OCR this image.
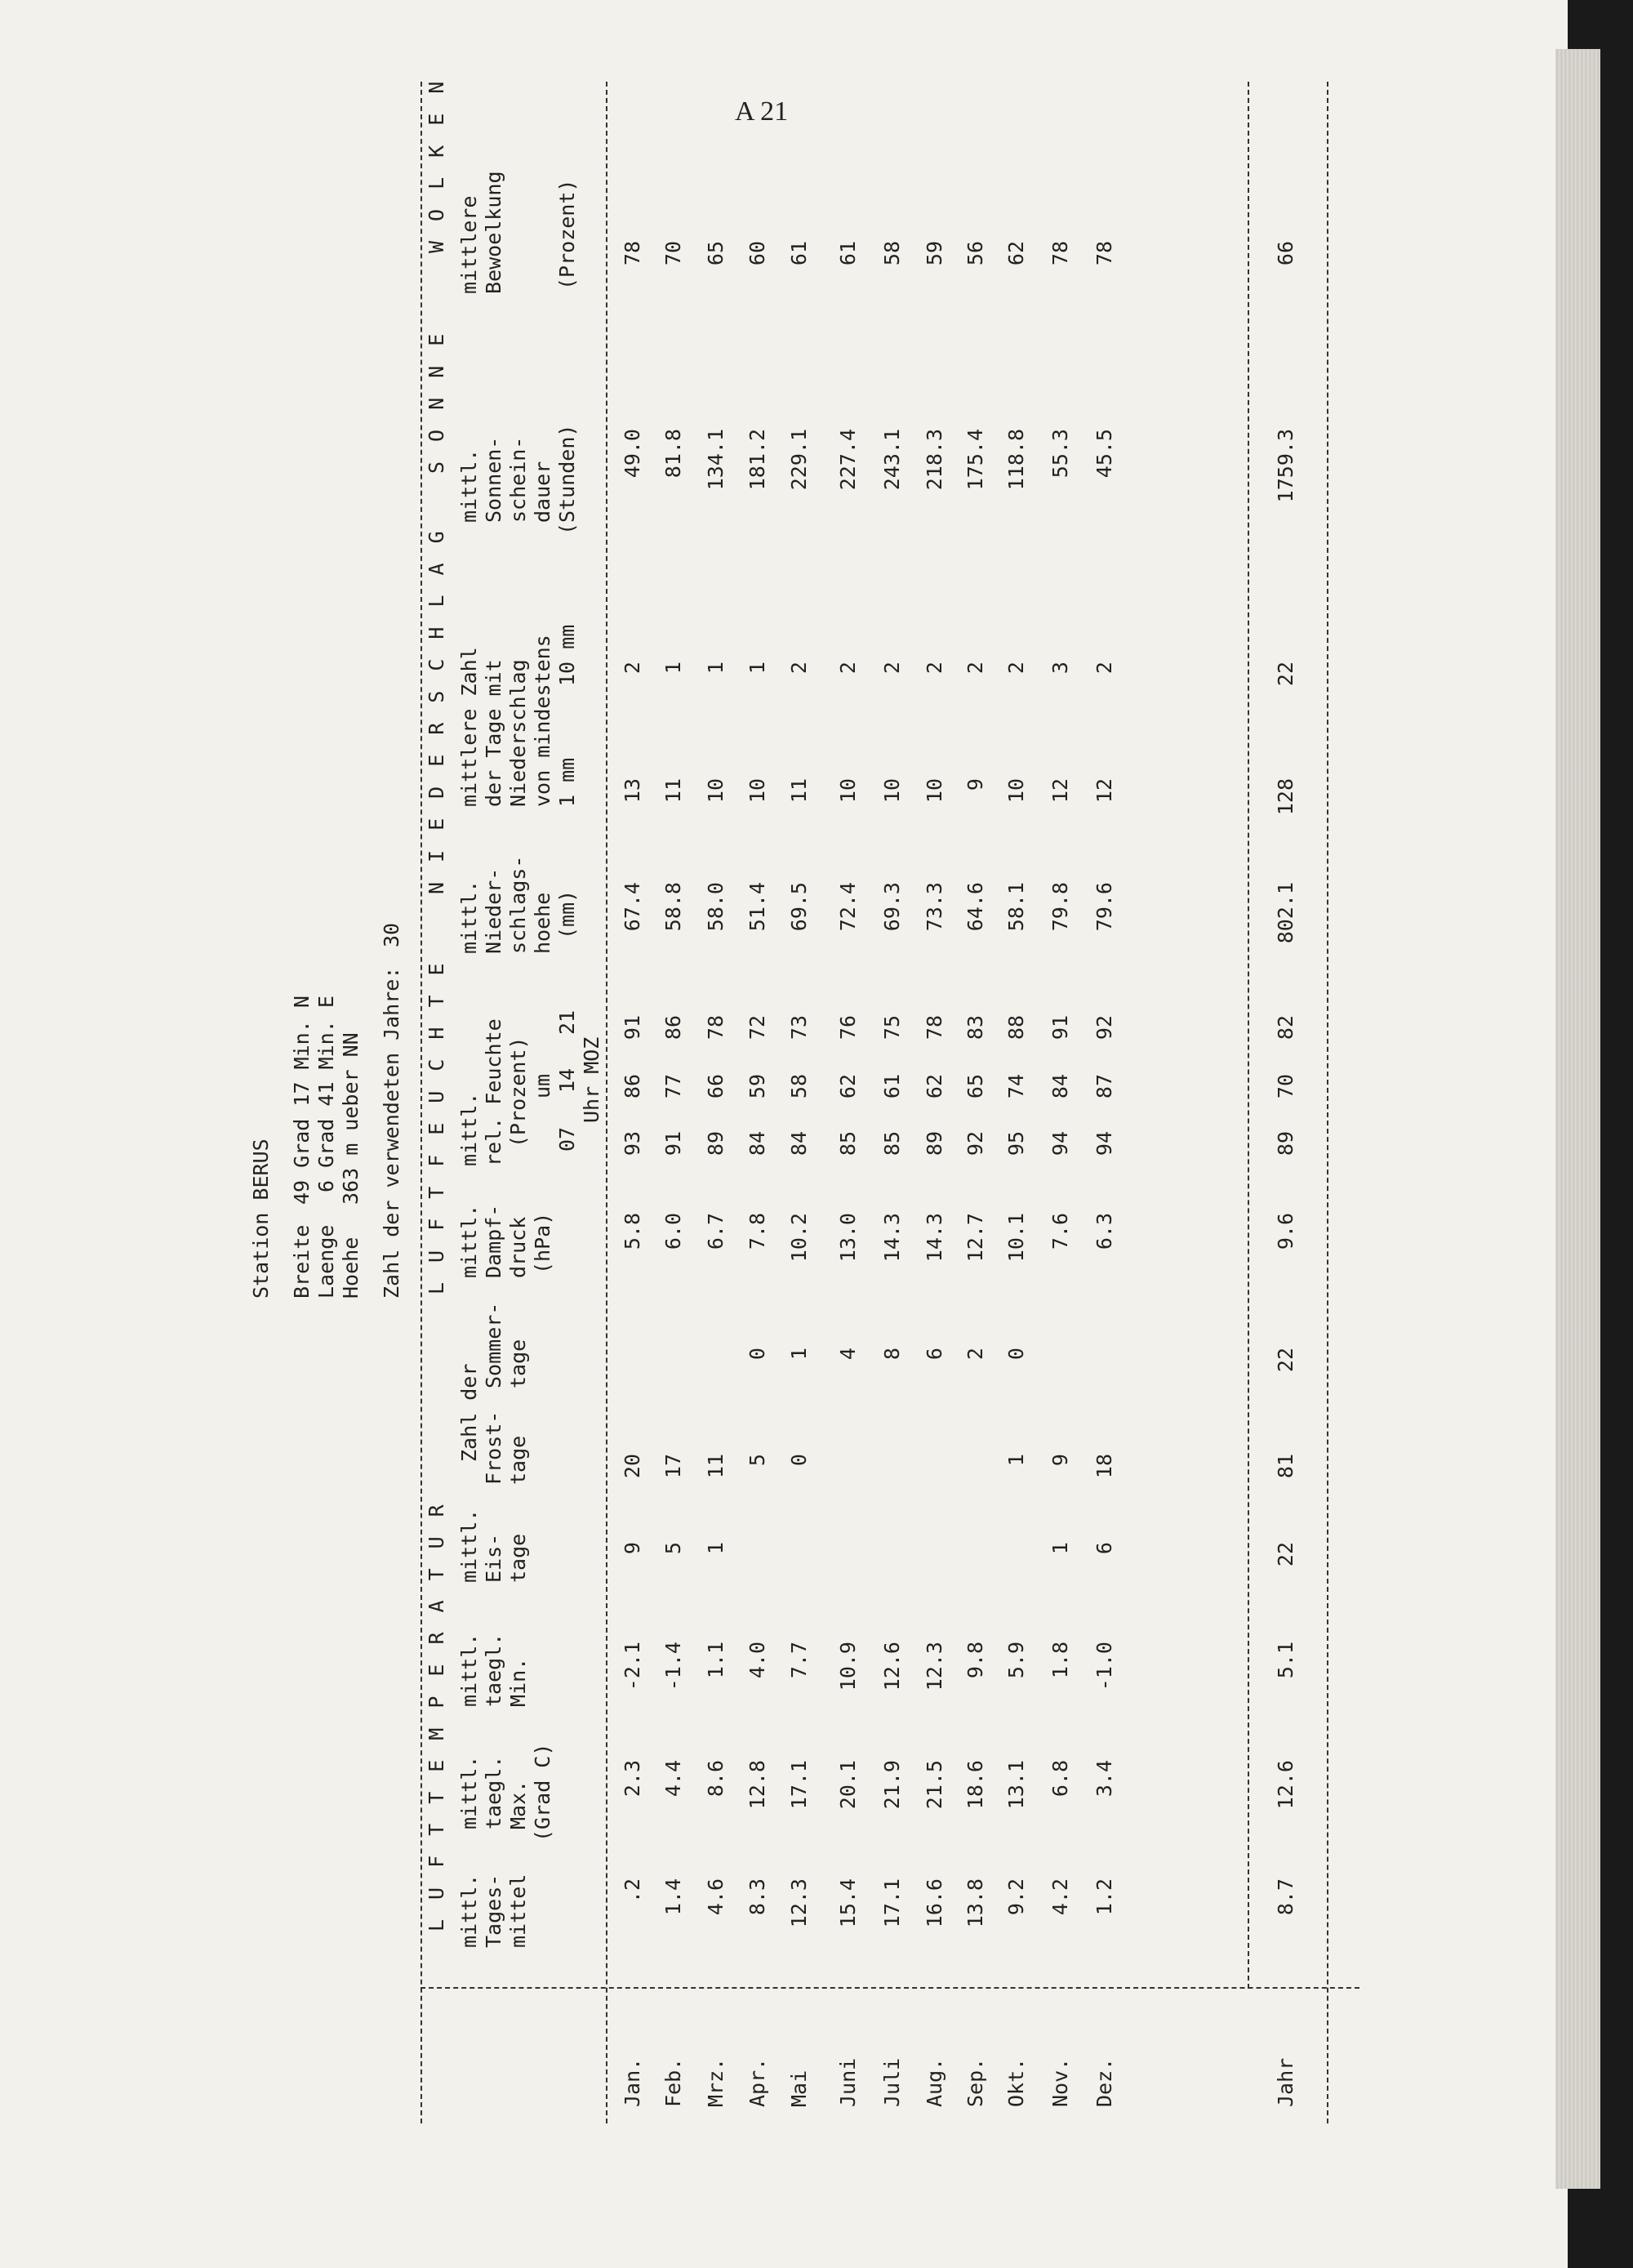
A 21
Station BERUS Breite
49 Grad 17 Min. N
Laenge
6 Grad 41 Min. E
Hoehe
363 m ueber NN Zahl der verwendeten Jahre:
30
LUFTTEMPERATUR
LUFTFEUCHTE
NIEDERSCHLAG
SONNE
WOLKEN
mittl.
Tages-
mittel
mittl.
taegl.
Max.
mittl.
taegl.
Min.
(Grad C)
mittl.
Eis-
tage
Zahl der Frost-
tage
Sommer-
tage
mittl.
Dampf-
druck (hPa)
mittl. rel. Feuchte (Prozent) um
07
14
21
Uhr MOZ
mittl.
Nieder-
schlags-
hoehe (mm)
mittlere Zahl
der Tage mit
Niederschlag
von mindestens 1 mm
10 mm
mittl.
Sonnen-
schein-
dauer (Stunden)
mittlere
Bewoelkung (Prozent)
Jan.
.2
2.3
-2.1
9
20
5.8
93
86
91
67.4
13
2
49.0
78
Feb.
1.4
4.4
-1.4
5
17
6.0
91
77
86
58.8
11
1
81.8
70
Mrz.
4.6
8.6
1.1
1
11
6.7
89
66
78
58.0
10
1
134.1
65
Apr.
8.3
12.8
4.0
5
0
7.8
84
59
72
51.4
10
1
181.2
60
Mai
12.3
17.1
7.7
0
1
10.2
84
58
73
69.5
11
2
229.1
61
Juni
15.4
20.1
10.9
4
13.0
85
62
76
72.4
10
2
227.4
61
Juli
17.1
21.9
12.6
8
14.3
85
61
75
69.3
10
2
243.1
58
Aug.
16.6
21.5
12.3
6
14.3
89
62
78
73.3
10
2
218.3
59
Sep.
13.8
18.6
9.8
2
12.7
92
65
83
64.6
9
2
175.4
56
Okt.
9.2
13.1
5.9
1
0
10.1
95
74
88
58.1
10
2
118.8
62
Nov.
4.2
6.8
1.8
1
9
7.6
94
84
91
79.8
12
3
55.3
78
Dez.
1.2
3.4
-1.0
6
18
6.3
94
87
92
79.6
12
2
45.5
78
Jahr
8.7
12.6
5.1
22
81
22
9.6
89
70
82
802.1
128
22
1759.3
66
